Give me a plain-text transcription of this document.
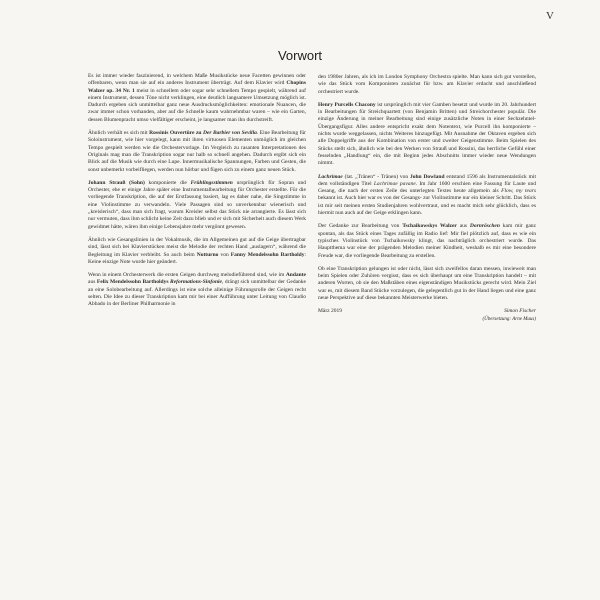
V
Vorwort

Es ist immer wieder faszinierend, in welchem Maße Musikstücke neue Facetten gewinnen oder offenbaren, wenn man sie auf ein anderes Instrument überträgt. Auf dem Klavier wird Chopins Walzer op. 34 Nr. 1 meist in schnellem oder sogar sehr schnellem Tempo gespielt, während auf einem Instrument, dessen Töne nicht verklingen, eine deutlich langsamere Umsetzung möglich ist. Dadurch ergeben sich unmittelbar ganz neue Ausdrucksmöglichkeiten: emotionale Nuancen, die zwar immer schon vorhanden, aber auf die Schnelle kaum wahrnehmbar waren – wie ein Garten, dessen Blumenpracht umso vielfältiger erscheint, je langsamer man ihn durchstreift.

Ähnlich verhält es sich mit Rossinis Ouvertüre zu Der Barbier von Sevilla. Eine Bearbeitung für Soloinstrument, wie hier vorgelegt, kann mit ihren virtuosen Elementen unmöglich im gleichen Tempo gespielt werden wie die Orchestervorlage. Im Vergleich zu rasanten Interpretationen des Originals mag man die Transkription sogar nur halb so schnell angehen. Dadurch ergibt sich ein Blick auf die Musik wie durch eine Lupe. Innermusikalische Spannungen, Farben und Gesten, die sonst unbemerkt vorbeifliegen, werden nun hörbar und fügen sich zu einem ganz neuen Stück.

Johann Strauß (Sohn) komponierte die Frühlingsstimmen ursprünglich für Sopran und Orchester, ehe er einige Jahre später eine Instrumentalbearbeitung für Orchester erstellte. Für die vorliegende Transkription, die auf der Erstfassung basiert, lag es daher nahe, die Singstimme in eine Violinstimme zu verwandeln. Viele Passagen sind so unverkennbar wienerisch und „kreislerisch“, dass man sich fragt, warum Kreisler selbst das Stück nie arrangierte. Es lässt sich nur vermuten, dass ihm schlicht keine Zeit dazu blieb und er sich mit Sicherheit auch diesem Werk gewidmet hätte, wären ihm einige Lebensjahre mehr vergönnt gewesen.

Ähnlich wie Gesangslinien in der Vokalmusik, die im Allgemeinen gut auf die Geige übertragbar sind, lässt sich bei Klavierstücken meist die Melodie der rechten Hand „auslagern“, während die Begleitung im Klavier verbleibt. So auch beim Notturno von Fanny Mendelssohn Bartholdy: Keine einzige Note wurde hier geändert.

Wenn in einem Orchesterwerk die ersten Geigen durchweg melodieführend sind, wie im Andante aus Felix Mendelssohn Bartholdys Reformations-Sinfonie, drängt sich unmittelbar der Gedanke an eine Solobearbeitung auf. Allerdings ist eine solche alleinige Führungsrolle der Geigen recht selten. Die Idee zu dieser Transkription kam mir bei einer Aufführung unter Leitung von Claudio Abbado in der Berliner Philharmonie in

den 1980er Jahren, als ich im London Symphony Orchestra spielte. Man kann sich gut vorstellen, wie das Stück vom Komponisten zunächst für bzw. am Klavier erdacht und anschließend orchestriert wurde.

Henry Purcells Chacony ist ursprünglich mit vier Gamben besetzt und wurde im 20. Jahrhundert in Bearbeitungen für Streichquartett (von Benjamin Britten) und Streichorchester populär. Die einzige Änderung in meiner Bearbeitung sind einige zusätzliche Noten in einer Sechzehntel-Übergangsfigur. Alles andere entspricht exakt dem Notentext, wie Purcell ihn komponierte – nichts wurde weggelassen, nichts Weiteres hinzugefügt. Mit Ausnahme der Oktaven ergeben sich alle Doppelgriffe aus der Kombination von erster und zweiter Geigenstimme. Beim Spielen des Stücks stellt sich, ähnlich wie bei den Werken von Strauß und Rossini, das herrliche Gefühl einer fesselnden „Handlung“ ein, die mit Beginn jedes Abschnitts immer wieder neue Wendungen nimmt.

Lachrimae (lat. „Tränen“ - Tränen) von John Dowland entstand 1596 als Instrumentalstück mit dem vollständigen Titel Lachrimae pavane. Im Jahr 1600 erschien eine Fassung für Laute und Gesang, die nach der ersten Zeile des unterlegten Textes heute allgemein als Flow, my tears bekannt ist. Auch hier war es von der Gesangs- zur Violinstimme nur ein kleiner Schritt. Das Stück ist mir seit meinen ersten Studienjahren wohlvertraut, und es macht mich sehr glücklich, dass es hiermit nun auch auf der Geige erklingen kann.

Der Gedanke zur Bearbeitung von Tschaikowskys Walzer aus Dornröschen kam mir ganz spontan, als das Stück eines Tages zufällig im Radio lief: Mir fiel plötzlich auf, dass es wie ein typisches Violinstück von Tschaikowsky klingt, das nachträglich orchestriert wurde. Das Hauptthema war eine der prägenden Melodien meiner Kindheit, weshalb es mir eine besondere Freude war, die vorliegende Bearbeitung zu erstellen.

Ob eine Transkription gelungen ist oder nicht, lässt sich zweifellos daran messen, inwieweit man beim Spielen oder Zuhören vergisst, dass es sich überhaupt um eine Transkription handelt – mit anderen Worten, ob sie den Maßstäben eines eigenständigen Musikstücks gerecht wird. Mein Ziel war es, mit diesem Band Stücke vorzulegen, die gelegentlich gut in der Hand liegen und eine ganz neue Perspektive auf diese bekannten Meisterwerke bieten.

März 2019	Simon Fischer
(Übersetzung: Arne Muus)
